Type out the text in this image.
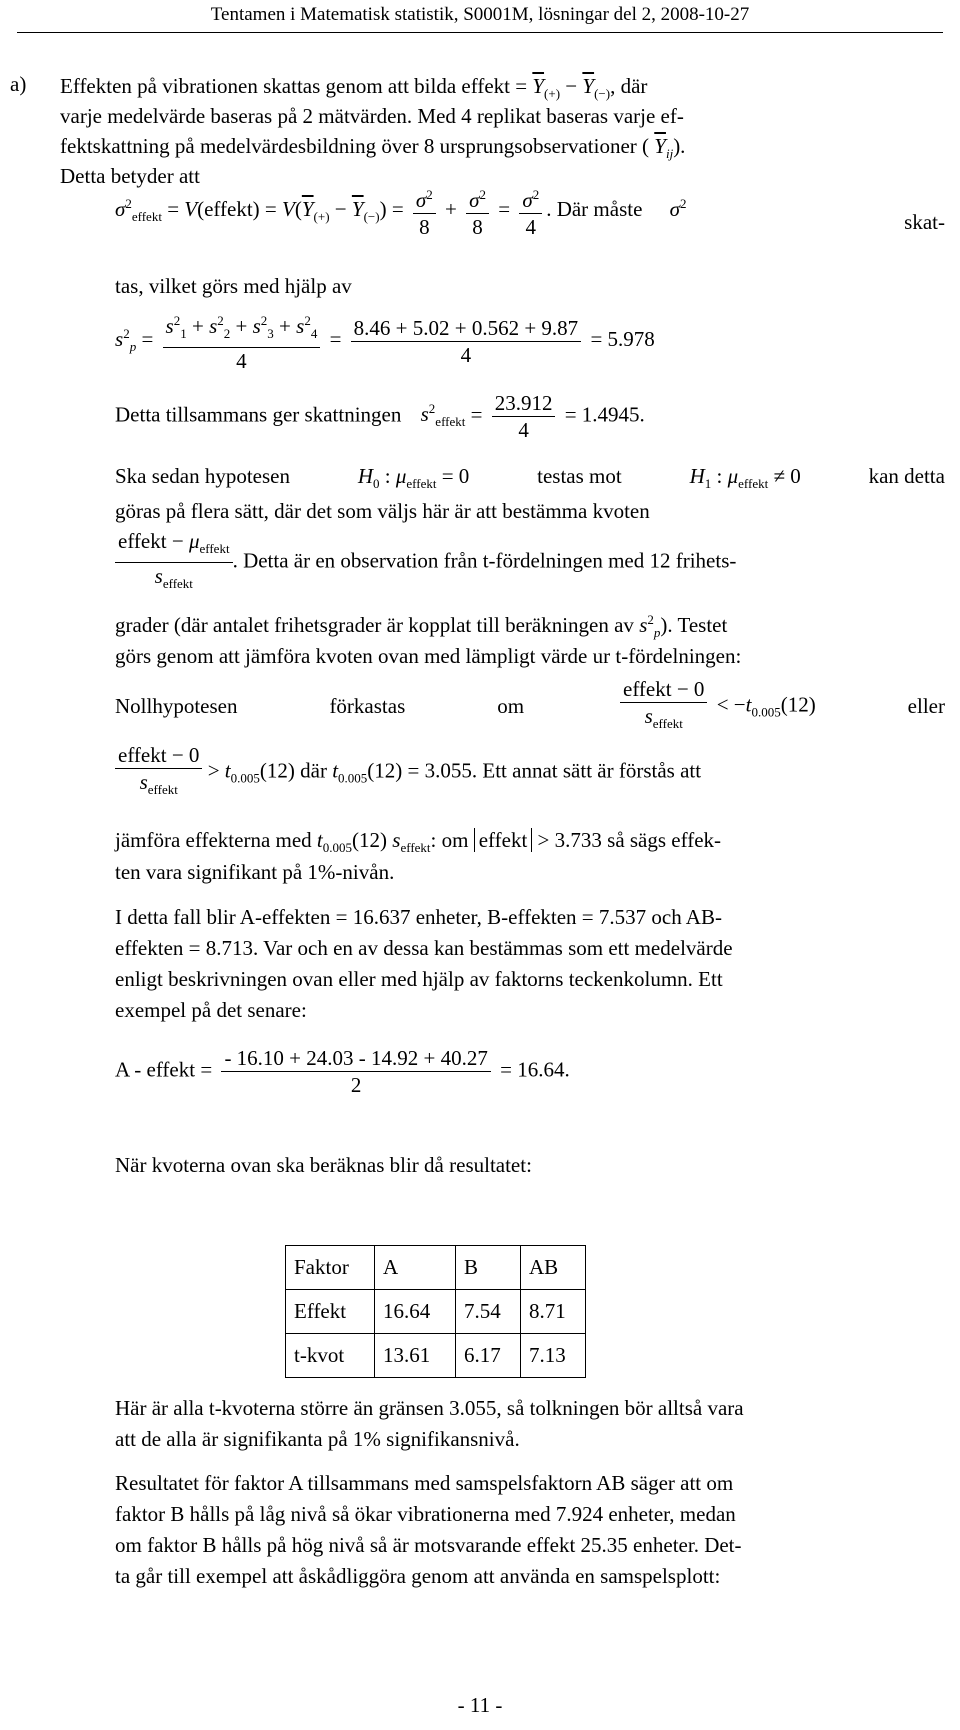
Tentamen i Matematisk statistik, S0001M, lösningar del 2, 2008-10-27
a) Effekten på vibrationen skattas genom att bilda effekt = $\overline{Y}_{(+)} - \overline{Y}_{(-)}$, där
varje medelvärde baseras på 2 mätvärden. Med 4 replikat baseras varje ef-
fektskattning på medelvärdesbildning över 8 ursprungsobservationer ( $\overline{Y}_{ij}$).
Detta betyder att
$\sigma^2_{effekt}$ = V(effekt) = $V(\overline{Y}_{(+)} - \overline{Y}_{(-)}) = \frac{\sigma^2}{8} + \frac{\sigma^2}{8} = \frac{\sigma^2}{4}$ . Där måste $\sigma^2$
skat-
tas, vilket görs med hjälp av
$s^2_p = \frac{s^2_1 + s^2_2 + s^2_3 + s^2_4}{4} = \frac{8.46 + 5.02 + 0.562 + 9.87}{4} = 5.978$
Detta tillsammans ger skattningen $s^2_{effekt} = \frac{23.912}{4} = 1.4945$.
Ska sedan hypotesen	$H_0$ : $\mu_{effekt} = 0$	testas mot	$H_1$ : $\mu_{effekt} \ne 0$	kan detta
göras på flera sätt, där det som väljs här är att bestämma kvoten
$\frac{effekt - \mu_{effekt}}{s_{effekt}}$ . Detta är en observation från t-fördelningen med 12 frihets-
grader (där antalet frihetsgrader är kopplat till beräkningen av $s^2_p$). Testet
görs genom att jämföra kvoten ovan med lämpligt värde ur t-fördelningen:
Nollhypotesen	förkastas	om	$\frac{\text{effekt − 0}}{s_{effekt}} < -t_{0.005}(12)$	eller
$\frac{\text{effekt − 0}}{s_{effekt}} > t_{0.005}(12)$ där $t_{0.005}(12) = 3.055$. Ett annat sätt är förstås att
jämföra effekterna med $t_{0.005}(12)$ $s_{effekt}$: om effekt > 3.733 så sägs effek-
ten vara signifikant på 1%-nivån.
I detta fall blir A-effekten = 16.637 enheter, B-effekten = 7.537 och AB-
effekten = 8.713. Var och en av dessa kan bestämmas som ett medelvärde
enligt beskrivningen ovan eller med hjälp av faktorns teckenkolumn. Ett
exempel på det senare:
A - effekt = $\frac{- 16.10 + 24.03 - 14.92 + 40.27}{2} = 16.64$.
När kvoterna ovan ska beräknas blir då resultatet:
Faktor	A	B	AB
Effekt	16.64	7.54	8.71
t-kvot	13.61	6.17	7.13
Här är alla t-kvoterna större än gränsen 3.055, så tolkningen bör alltså vara
att de alla är signifikanta på 1% signifikansnivå.
Resultatet för faktor A tillsammans med samspelsfaktorn AB säger att om
faktor B hålls på låg nivå så ökar vibrationerna med 7.924 enheter, medan
om faktor B hålls på hög nivå så är motsvarande effekt 25.35 enheter. Det-
ta går till exempel att åskådliggöra genom att använda en samspelsplott:
- 11 -
